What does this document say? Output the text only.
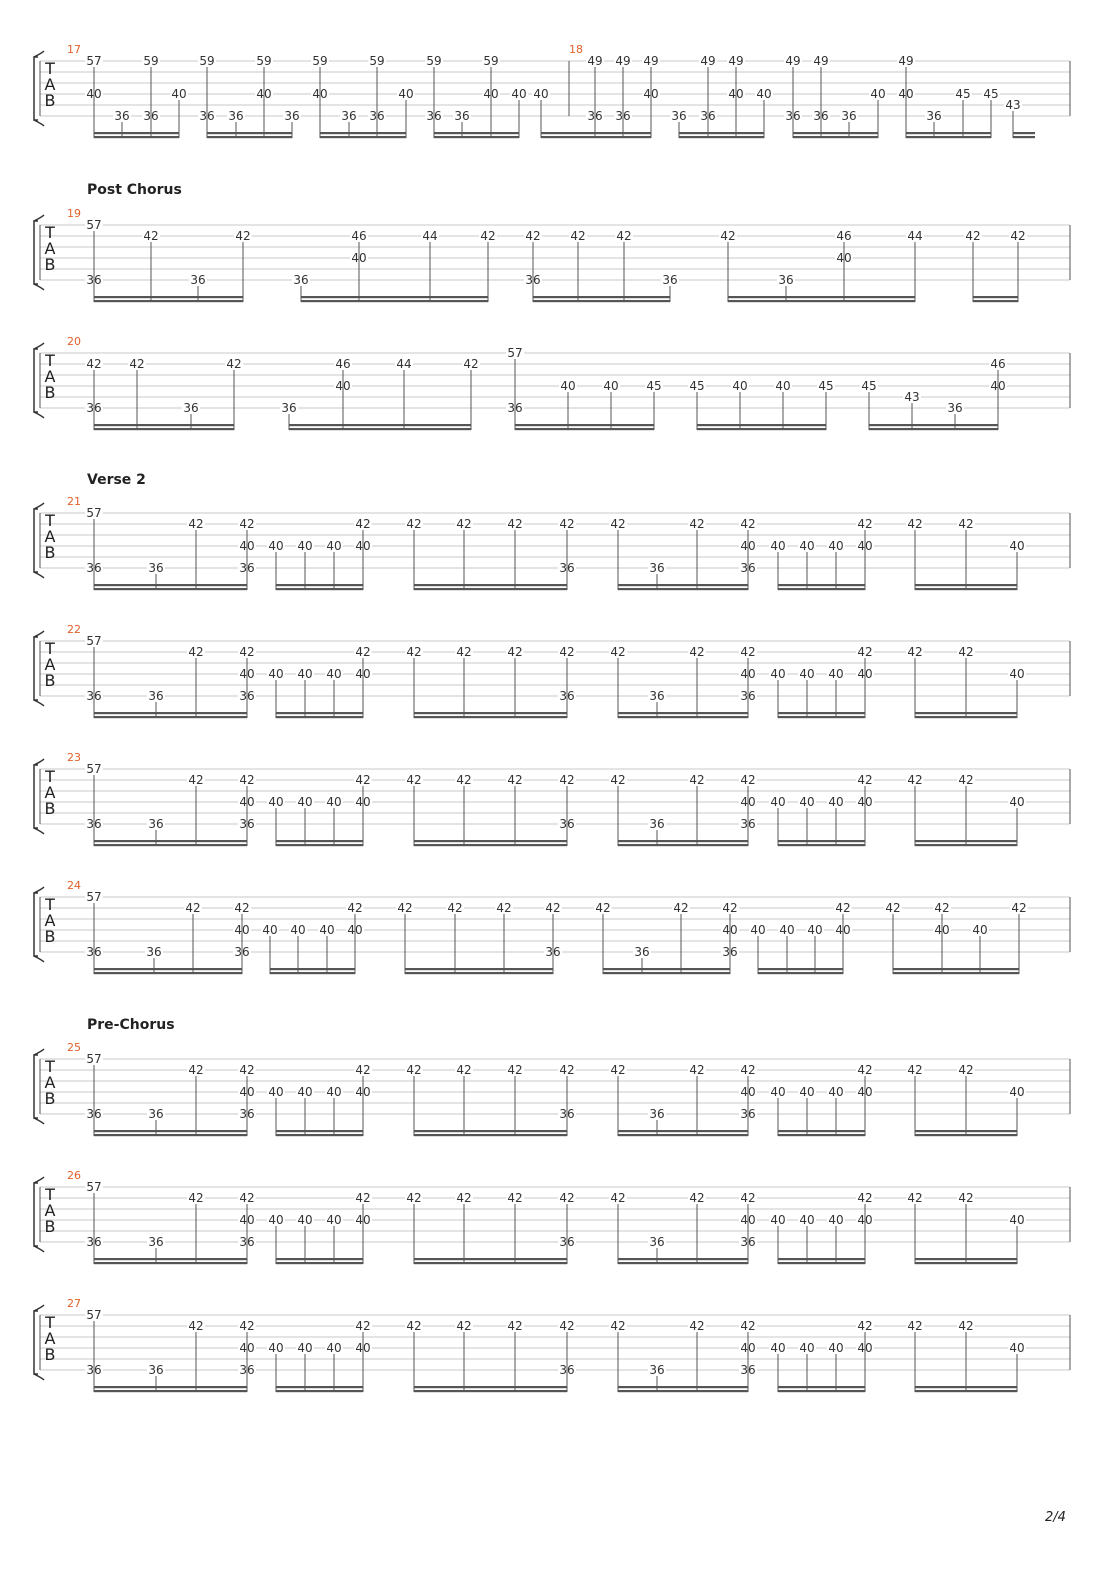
Post Chorus
Verse 2
Pre-Chorus
T
A
B
17	18
57
40
36
59
36
40
36
59
36
40
59
36
59
40
36 36
59
40
36
59
36
59
40 40 40
49
36
49
36
49
40
36
49
36
49
40 40
49
36
49
36 36
40
49
40
36
45 45
43
T
A
B
19
57
36
42
36
42
36
46
40
44	42 42
36
42	42
36
42
36
46
40
44	42 42
T
A
B
20
42
36
42
36
42
36
46
40
44	42
57
36
40 40 45 45 40 40 45 45
43
36
46
40
T
A
B
21
57
36	36
42	42
40
36
40 40 40
42
40
42	42	42	42
36
42
36
42	42
40
36
40 40 40
42
40
42	42
40
T
A
B
22
57
36	36
42	42
40
36
40 40 40
42
40
42	42	42	42
36
42
36
42	42
40
36
40 40 40
42
40
42	42
40
T
A
B
23
57
36	36
42	42
40
36
40 40 40
42
40
42	42	42	42
36
42
36
42	42
40
36
40 40 40
42
40
42	42
40
T
A
B
24
57
36	36
42	42
40
36
40 40 40
42
40
42	42	42	42
36
42
36
42	42
40
36
40 40 40
42
40
42	42
40 40
42
T
A
B
25
57
36	36
42	42
40
36
40 40 40
42
40
42	42	42	42
36
42
36
42	42
40
36
40 40 40
42
40
42	42
40
T
A
B
26
57
36	36
42	42
40
36
40 40 40
42
40
42	42	42	42
36
42
36
42	42
40
36
40 40 40
42
40
42	42
40
T
A
B
27
57
36	36
42	42
40
36
40 40 40
42
40
42	42	42	42
36
42
36
42	42
40
36
40 40 40
42
40
42	42
40
2/4
